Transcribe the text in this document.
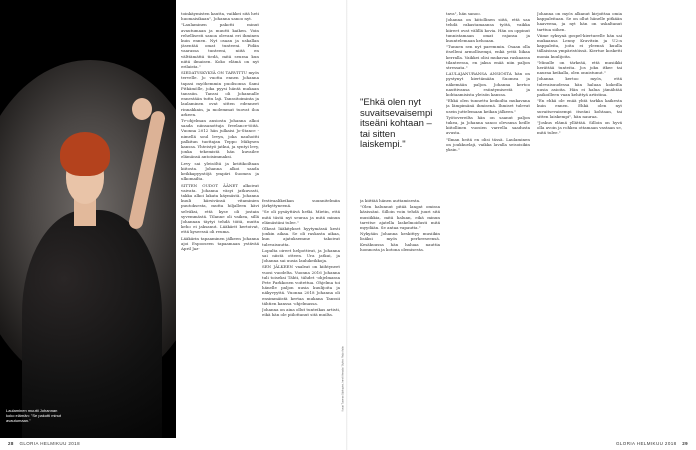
Laulaminen muutti Johannan koko elämän: "Se pakotti minut avautumaan."

toinkäymisten kautta, vaikkei sitä heti huomaisikaan", Johanna sanoo nyt.

"Laulaminen pakotti minut avautumaan ja muutti kaiken. Voin rehellisesti sanoa olevani eri ihminen kuin ennen. Nyt osaan ja uskallan jäsentää omat tunteeni. Pidän vaarassa tunteeni, niitä en välttämättä tiedä, mitä seuraa kun niitä ilmaisen. Koko elämä on nyt erilaista."

SIEDATYSKYKYÄ ON TARVITTU myös tervelle. Jo vuotta ennen Johanna tapasi myöhemmin puolisonsa Sami Pitkämölle, joka pyysi häntä mukaan tanssiin. Tanssi oli Johannalle ennestään tuttu laji. Tanssitoiminta ja laulaminen ovat sitten edenneet rinnakkain, ja molemmat tuovat iloa arkeen.

Tv-ohjelman ansiosta Johanna alkoi saada niinsanottuja freelance-töitä. Vuonna 2012 hän julkaisi Jo-Stance -nimellä soul levyn, joka nauhoitti palkitun tuottajan Teppo Mäkysen kanssa. Yhteistyö jatkui, ja syntyi levy, jonka tekemistä hän kuvailee elämänsä antoisimmaksi.

Levy sai yleisöltä ja kriitikoiltaan kiitosta. Johanna alkoi saada keikkapyyntöjä ympäri Suomea ja ulkomailta.

SITTEN OUDOT ÄÄNET alkoivat vaivata. Johanna väsyi jatkuvasti, takka alkoi lakata käymästä. Johanna kuuli kärsivänsä vitaminien puutoksesta, mutta hiljalleen kävi selväksi, että kyse oli jostain syvemmästä. Tilanne oli vaikea, sillä Johannan täytyi tehdä töitä, mutta keho ei jaksanut. Lääkärit kertoivat, että kyseessä oli reuma.

Lääkärin tapaaminen jälkeen Johanna ajoi Espooseen tapaamaan ystävää April Jaz-

festivaalikeikan suunnitelmiin järkyttyneenä.

"Se oli pysäyttävä hetki. Mietin, että mitä tästä nyt seuraa ja mitä minun elämästäni tulee."

Olkeat lääkitykset hyytymässä kesti jonkin aikaa. Se oli raskasta aikaa, kun ajatuksemme takoivat tulevaisuutta.

Lopulta oireet helpottivat, ja Johanna sai niistä otteen. Ura jatkui, ja Johanna sai uusia laulukeikkoja.

SEN JÄLKEEN vaaleat on kiihtyneet vuosi vuodelta. Vuonna 2016 Johanna tuli toiseksi Tähti, tähdet -ohjelmassa Pete Parkkosen voitettua. Ohjelma toi hänelle paljon uusia kuulijoita ja näkyvyyttä. Vuonna 2018 Johanna oli ensimmäistä kertaa mukana Tanssii tähtien kanssa -ohjelmassa.

Johanna on aina ollut tunteikas artisti, eikä hän ole piilottanut sitä muilta.

Kuvat Tuomas Björkqvist, Irmeli Annala / Stylist: Reijo Aalto
28 GLORIA HELMIKUU 2018
"Ehkä olen nyt suvaitsevaisempi itseäni kohtaan – tai sitten laiskempi."

ja kiittää hänen auttamisesta.

"Olen halunnut pitää langat omissa käsissäni. Silloin voin tehdä juuri sitä musiikkia, mitä haluan, eikä minun tarvitse ajatella laskelmoidusti mitä myydään. Se antaa vapautta."

Nykyään Johanna keskittyy musiikin lisäksi myös perheeseensä. Kesäkuussa hän haluaa nauttia luonnosta ja kotona olemisesta.

tava", hän sanoo.

Johanna on kiitollinen siitä, että saa tehdä rakastamaansa työtä, vaikka kiireet ovat välillä kovia. Hän on oppinut tunnistamaan omat rajansa ja kuuntelemaan kehoaan.

"Tunnen sen nyt paremmin. Osaan olla itselleni armollisempi, enkä yritä liikaa kerralla. Vaikkei olisi mukavaa raskaassa tilanteessa, en jaksa enää niin paljon stressata."

LAULAJANURANSA ANSIOSTA hän on pystynyt kiertämään Suomea ja näkemään paljon. Johanna kertoo nauttivansa esiintymisestä ja kohtaamisista yleisön kanssa.

"Ehkä olen tunnettu keikoilta mukavana ja lämpimänä ihmisenä. Ihmiset tulevat usein juttelemaan keikan jälkeen."

Työtovereilta hän on saanut paljon tukea, ja Johanna sanoo olevansa heille kiitollinen vuosien varrella saadusta avusta.

"Ilman heitä en olisi tässä. Laulaminen on joukkuelaji, vaikka lavalla seisoisikin yksin."

Johanna on myös alkanut kirjoittaa omia kappaleitaan. Se on ollut hänelle pitkään haaveena, ja nyt hän on uskaltanut tarttua siihen.

Viime syksynä gospel-kiertueelle hän sai mukaansa Lenny Kravitzin ja U2:n kappaleita, joita ei yleensä kuulla tällaisissa ympäristöissä. Kiertue kosketti monia kuulijoita.

"Minulle on tärkeää, että musiikki herättää tunteita. Jos joku itkee tai nauraa keikalla, olen onnistunut."

Johanna kertoo myös, että tulevaisuudessa hän haluaa kokeilla uusia asioita. Hän ei halua jämähtää paikoilleen vaan kehittyä artistina.

"En ehkä ole enää yhtä tarkka kaikesta kuin ennen. Ehkä olen nyt suvaitsevaisempi itseäni kohtaan, tai sitten laiskempi", hän nauraa.

"Joskus elämä yllättää. Silloin on hyvä olla avoin ja rohkea ottamaan vastaan se, mitä tulee."

GLORIA HELMIKUU 2018 29
